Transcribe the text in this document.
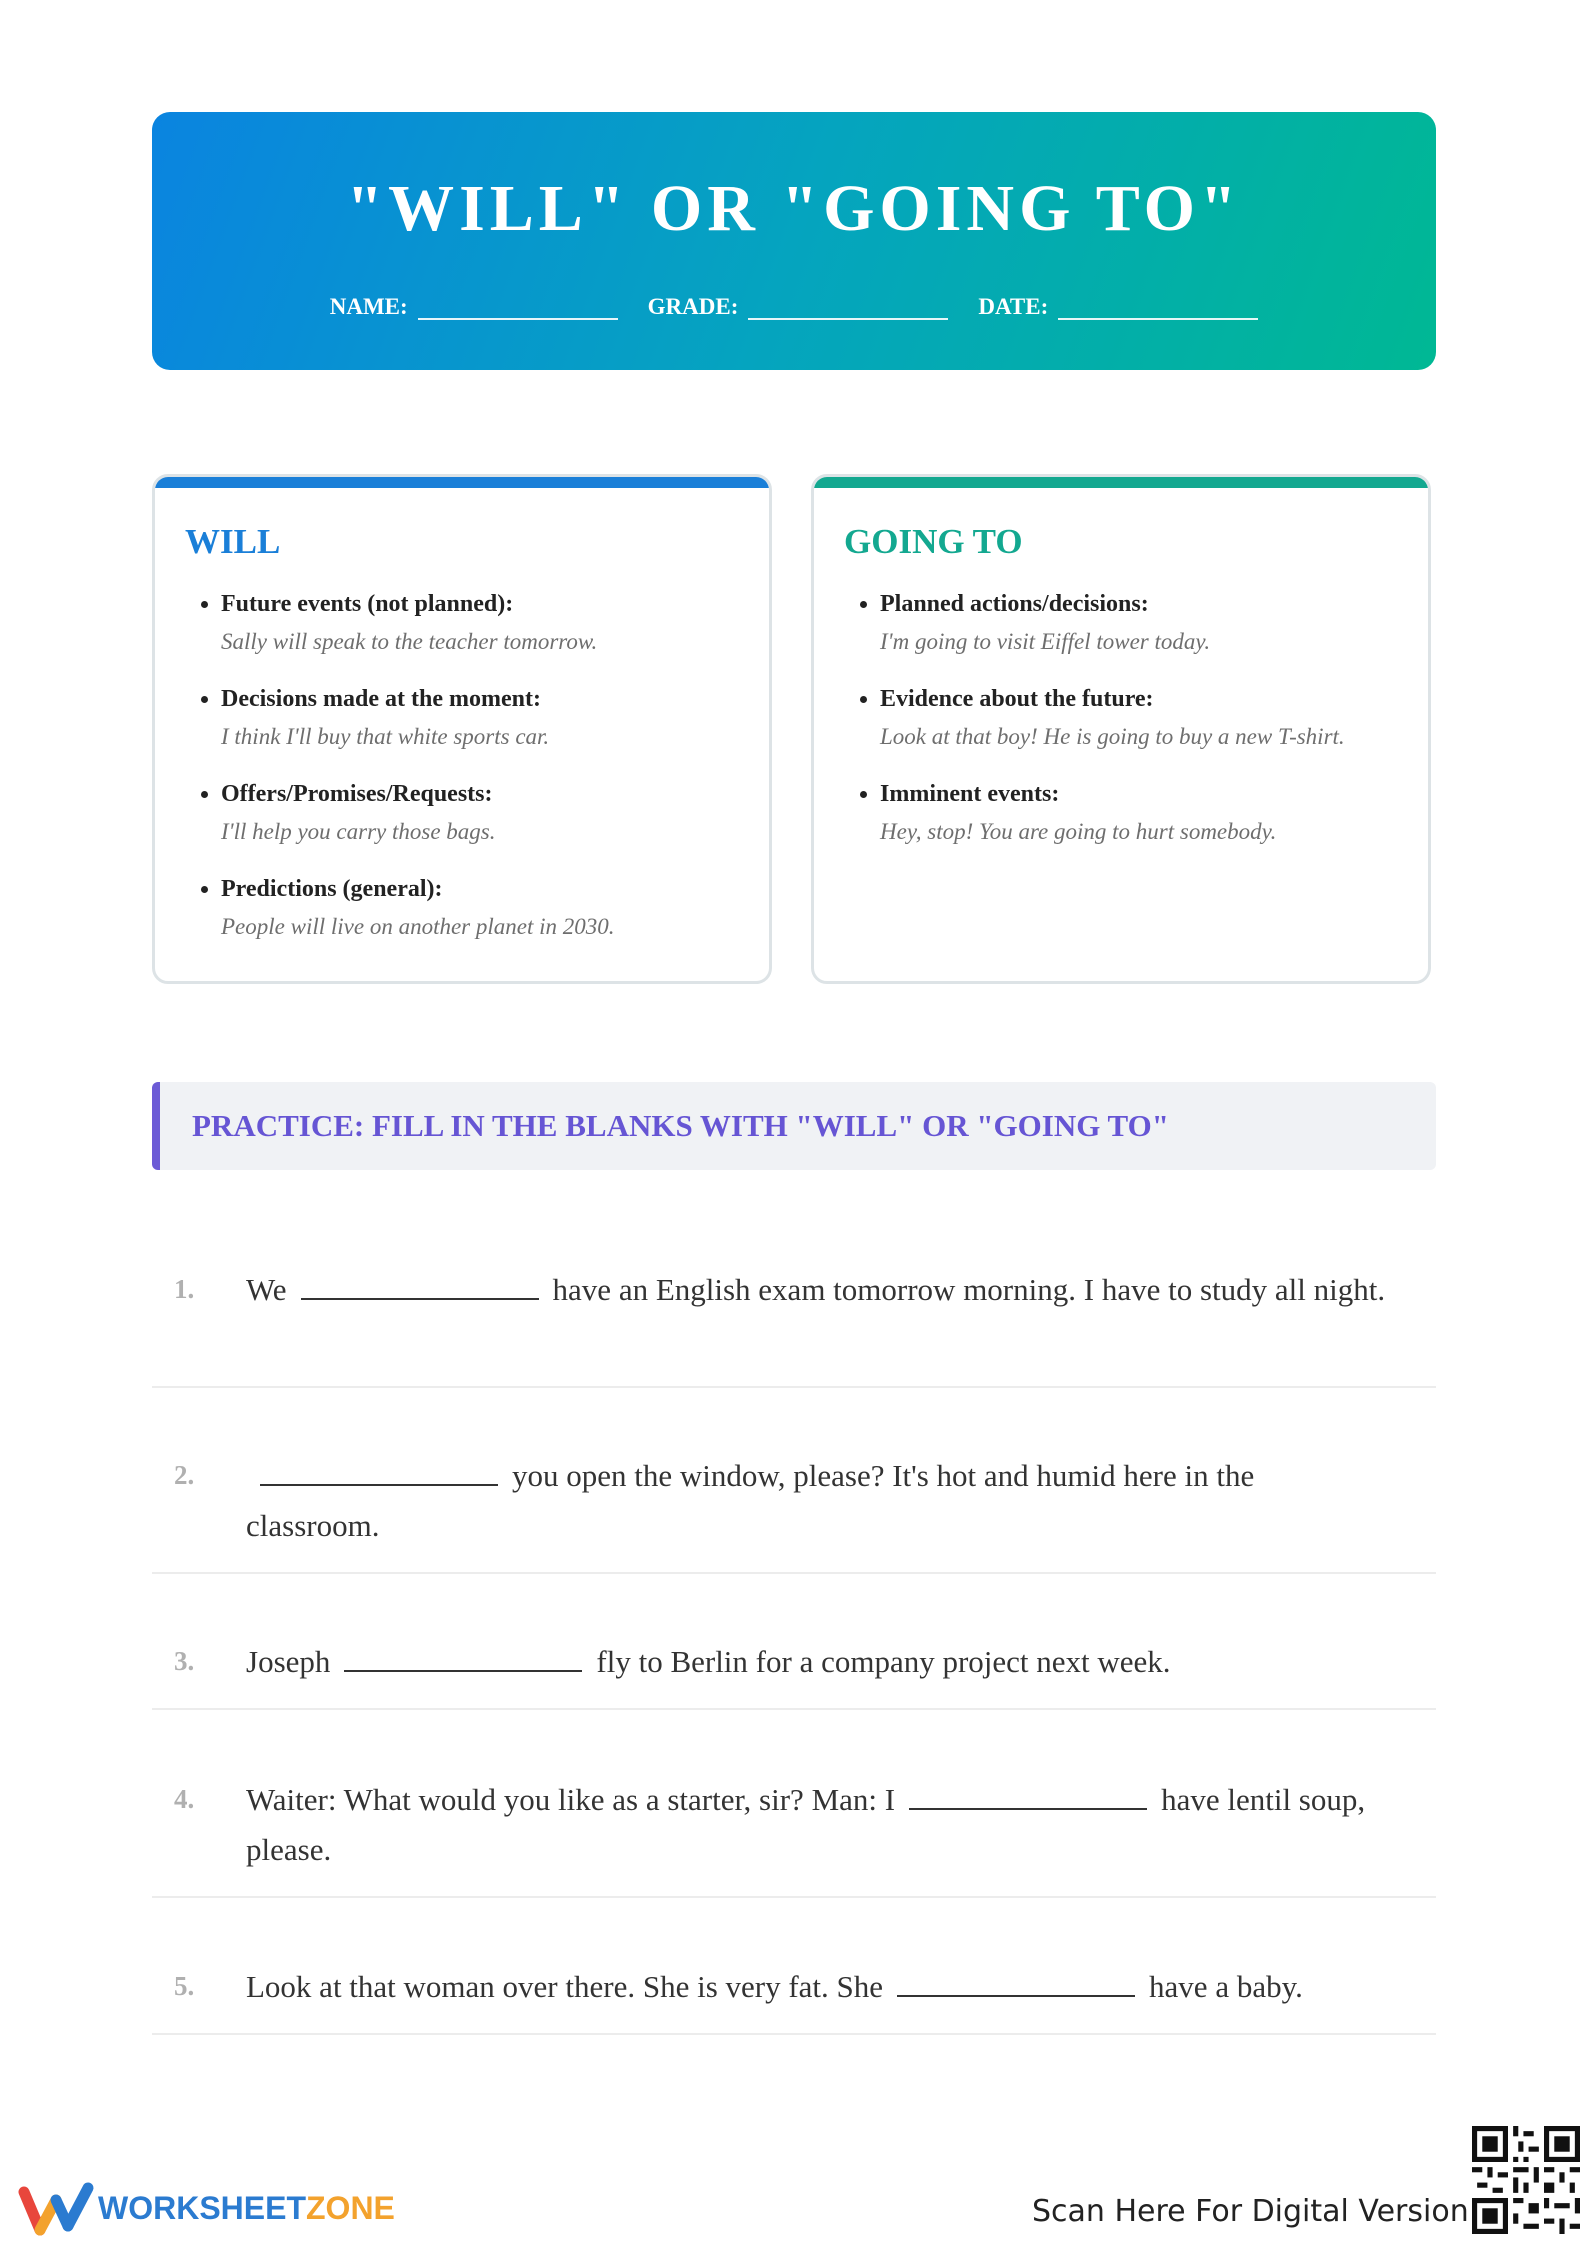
"WILL" OR "GOING TO"
NAME:	GRADE:	DATE:
WILL
• Future events (not planned):
Sally will speak to the teacher tomorrow.
• Decisions made at the moment:
I think I'll buy that white sports car.
• Offers/Promises/Requests:
I'll help you carry those bags.
• Predictions (general):
People will live on another planet in 2030.
GOING TO
• Planned actions/decisions:
I'm going to visit Eiffel tower today.
• Evidence about the future:
Look at that boy! He is going to buy a new T-shirt.
• Imminent events:
Hey, stop! You are going to hurt somebody.
PRACTICE: FILL IN THE BLANKS WITH "WILL" OR "GOING TO"
1.	We	have an English exam tomorrow morning. I have to study all night.
2.	you open the window, please? It's hot and humid here in the classroom.
3.	Joseph	fly to Berlin for a company project next week.
4.	Waiter: What would you like as a starter, sir? Man: I	have lentil soup, please.
5.	Look at that woman over there. She is very fat. She	have a baby.
WORKSHEET ZONE	Scan Here For Digital Version
